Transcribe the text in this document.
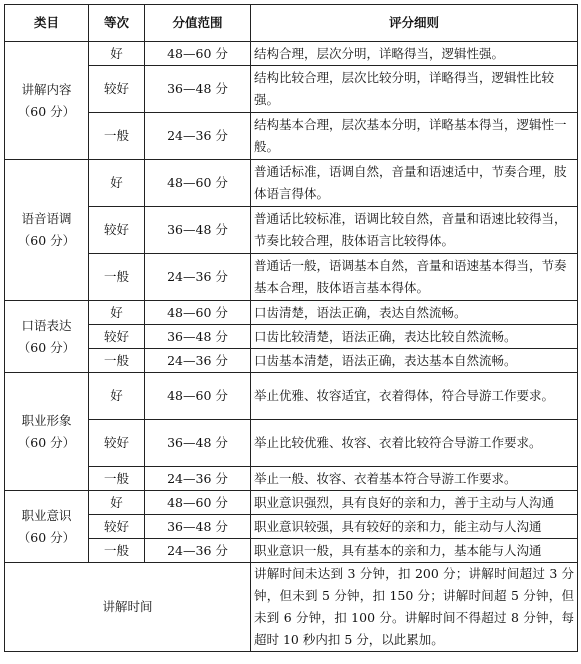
类目	等次	分值范围	评分细则

讲解内容
（60 分）	好	48—60 分	结构合理，层次分明，详略得当，逻辑性强。
	较好	36—48 分	结构比较合理，层次比较分明，详略得当，逻辑性比较强。
	一般	24—36 分	结构基本合理，层次基本分明，详略基本得当，逻辑性一般。

语音语调
（60 分）	好	48—60 分	普通话标准，语调自然，音量和语速适中，节奏合理，肢体语言得体。
	较好	36—48 分	普通话比较标准，语调比较自然，音量和语速比较得当，节奏比较合理，肢体语言比较得体。
	一般	24—36 分	普通话一般，语调基本自然，音量和语速基本得当，节奏基本合理，肢体语言基本得体。

口语表达
（60 分）	好	48—60 分	口齿清楚，语法正确，表达自然流畅。
	较好	36—48 分	口齿比较清楚，语法正确，表达比较自然流畅。
	一般	24—36 分	口齿基本清楚，语法正确，表达基本自然流畅。

职业形象
（60 分）	好	48—60 分	举止优雅、妆容适宜，衣着得体，符合导游工作要求。
	较好	36—48 分	举止比较优雅、妆容、衣着比较符合导游工作要求。
	一般	24—36 分	举止一般、妆容、衣着基本符合导游工作要求。

职业意识
（60 分）	好	48—60 分	职业意识强烈，具有良好的亲和力，善于主动与人沟通
	较好	36—48 分	职业意识较强，具有较好的亲和力，能主动与人沟通
	一般	24—36 分	职业意识一般，具有基本的亲和力，基本能与人沟通
讲解时间			讲解时间未达到 3 分钟，扣 200 分；讲解时间超过 3 分钟，但未到 5 分钟，扣 150 分；讲解时间超 5 分钟，但未到 6 分钟，扣 100 分。讲解时间不得超过 8 分钟，每超时 10 秒内扣 5 分，以此累加。
